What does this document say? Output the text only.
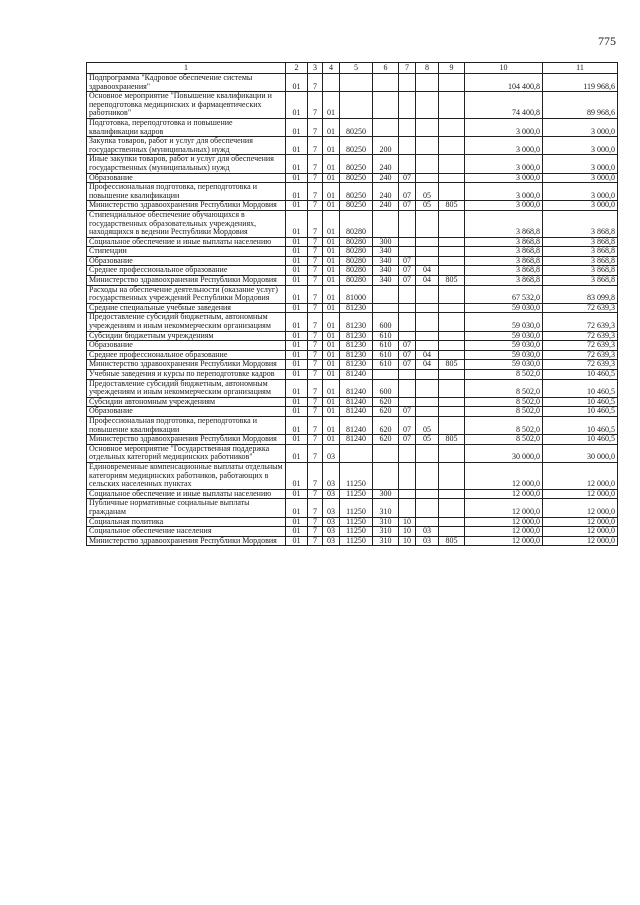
775
1	2	3	4	5	6	7	8	9	10	11
Подпрограмма "Кадровое обеспечение системы здравоохранения"	01	7							104 400,8	119 968,6
Основное мероприятие "Повышение квалификации и переподготовка медицинских и фармацевтических работников"	01	7	01						74 400,8	89 968,6
Подготовка, переподготовка и повышение квалификации кадров	01	7	01	80250					3 000,0	3 000,0
Закупка товаров, работ и услуг для обеспечения государственных (муниципальных) нужд	01	7	01	80250	200				3 000,0	3 000,0
Иные закупки товаров, работ и услуг для обеспечения государственных (муниципальных) нужд	01	7	01	80250	240				3 000,0	3 000,0
Образование	01	7	01	80250	240	07			3 000,0	3 000,0
Профессиональная подготовка, переподготовка и повышение квалификации	01	7	01	80250	240	07	05		3 000,0	3 000,0
Министерство здравоохранения Республики Мордовия	01	7	01	80250	240	07	05	805	3 000,0	3 000,0
Стипендиальное обеспечение обучающихся в государственных образовательных учреждениях, находящихся в ведении Республики Мордовия	01	7	01	80280					3 868,8	3 868,8
Социальное обеспечение и иные выплаты населению	01	7	01	80280	300				3 868,8	3 868,8
Стипендии	01	7	01	80280	340				3 868,8	3 868,8
Образование	01	7	01	80280	340	07			3 868,8	3 868,8
Среднее профессиональное образование	01	7	01	80280	340	07	04		3 868,8	3 868,8
Министерство здравоохранения Республики Мордовия	01	7	01	80280	340	07	04	805	3 868,8	3 868,8
Расходы на обеспечение деятельности (оказание услуг) государственных учреждений Республики Мордовия	01	7	01	81000					67 532,0	83 099,8
Средние специальные учебные заведения	01	7	01	81230					59 030,0	72 639,3
Предоставление субсидий бюджетным, автономным учреждениям и иным некоммерческим организациям	01	7	01	81230	600				59 030,0	72 639,3
Субсидии бюджетным учреждениям	01	7	01	81230	610				59 030,0	72 639,3
Образование	01	7	01	81230	610	07			59 030,0	72 639,3
Среднее профессиональное образование	01	7	01	81230	610	07	04		59 030,0	72 639,3
Министерство здравоохранения Республики Мордовия	01	7	01	81230	610	07	04	805	59 030,0	72 639,3
Учебные заведения и курсы по переподготовке кадров	01	7	01	81240					8 502,0	10 460,5
Предоставление субсидий бюджетным, автономным учреждениям и иным некоммерческим организациям	01	7	01	81240	600				8 502,0	10 460,5
Субсидии автономным учреждениям	01	7	01	81240	620				8 502,0	10 460,5
Образование	01	7	01	81240	620	07			8 502,0	10 460,5
Профессиональная подготовка, переподготовка и повышение квалификации	01	7	01	81240	620	07	05		8 502,0	10 460,5
Министерство здравоохранения Республики Мордовия	01	7	01	81240	620	07	05	805	8 502,0	10 460,5
Основное мероприятие "Государственная поддержка отдельных категорий медицинских работников"	01	7	03						30 000,0	30 000,0
Единовременные компенсационные выплаты отдельным категориям медицинских работников, работающих в сельских населенных пунктах	01	7	03	11250					12 000,0	12 000,0
Социальное обеспечение и иные выплаты населению	01	7	03	11250	300				12 000,0	12 000,0
Публичные нормативные социальные выплаты гражданам	01	7	03	11250	310				12 000,0	12 000,0
Социальная политика	01	7	03	11250	310	10			12 000,0	12 000,0
Социальное обеспечение населения	01	7	03	11250	310	10	03		12 000,0	12 000,0
Министерство здравоохранения Республики Мордовия	01	7	03	11250	310	10	03	805	12 000,0	12 000,0
